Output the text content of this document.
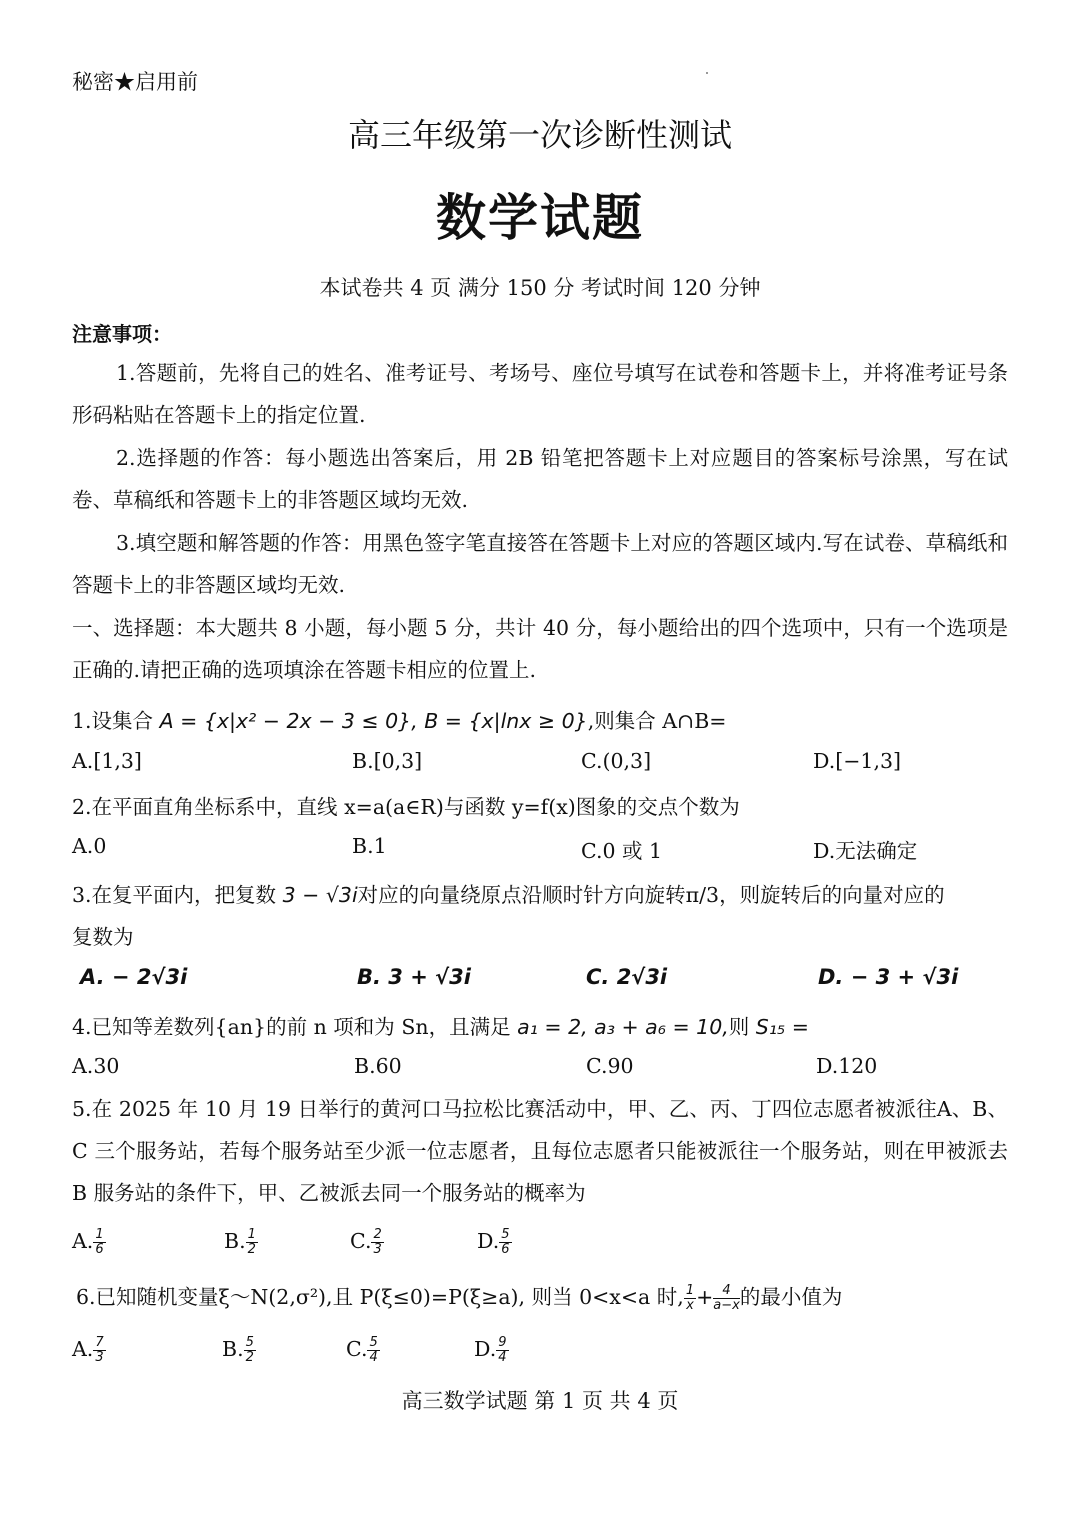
秘密★启用前
高三年级第一次诊断性测试
数学试题
本试卷共 4 页 满分 150 分 考试时间 120 分钟
注意事项：
1.答题前，先将自己的姓名、准考证号、考场号、座位号填写在试卷和答题卡上，并将准考证号条形码粘贴在答题卡上的指定位置.
2.选择题的作答：每小题选出答案后，用 2B 铅笔把答题卡上对应题目的答案标号涂黑，写在试卷、草稿纸和答题卡上的非答题区域均无效.
3.填空题和解答题的作答：用黑色签字笔直接答在答题卡上对应的答题区域内.写在试卷、草稿纸和答题卡上的非答题区域均无效.
一、选择题：本大题共 8 小题，每小题 5 分，共计 40 分，每小题给出的四个选项中，只有一个选项是正确的.请把正确的选项填涂在答题卡相应的位置上.
1.设集合 A = {x|x² − 2x − 3 ≤ 0}, B = {x|lnx ≥ 0},则集合 A∩B=
A.[1,3]	B.[0,3]	C.(0,3]	D.[−1,3]
2.在平面直角坐标系中，直线 x=a(a∈R)与函数 y=f(x)图象的交点个数为
A.0	B.1	C.0 或 1	D.无法确定
3.在复平面内，把复数 3 − √3i对应的向量绕原点沿顺时针方向旋转π/3，则旋转后的向量对应的
复数为
A. − 2√3i	B. 3 + √3i	C. 2√3i	D. − 3 + √3i
4.已知等差数列{an}的前 n 项和为 Sn，且满足 a₁ = 2, a₃ + a₆ = 10,则 S₁₅ =
A.30	B.60	C.90	D.120
5.在 2025 年 10 月 19 日举行的黄河口马拉松比赛活动中，甲、乙、丙、丁四位志愿者被派往A、B、C 三个服务站，若每个服务站至少派一位志愿者，且每位志愿者只能被派往一个服务站，则在甲被派去 B 服务站的条件下，甲、乙被派去同一个服务站的概率为
A. $\frac{1}{6}$	B. $\frac{1}{2}$	C. $\frac{2}{3}$	D. $\frac{5}{6}$
6.已知随机变量ξ～N(2,σ²),且 P(ξ≤0)=P(ξ≥a), 则当 0<x<a 时, $\frac{1}{x} + \frac{4}{a-x}$ 的最小值为
A. $\frac{7}{3}$	B. $\frac{5}{2}$	C. $\frac{5}{4}$	D. $\frac{9}{4}$
高三数学试题 第 1 页 共 4 页
